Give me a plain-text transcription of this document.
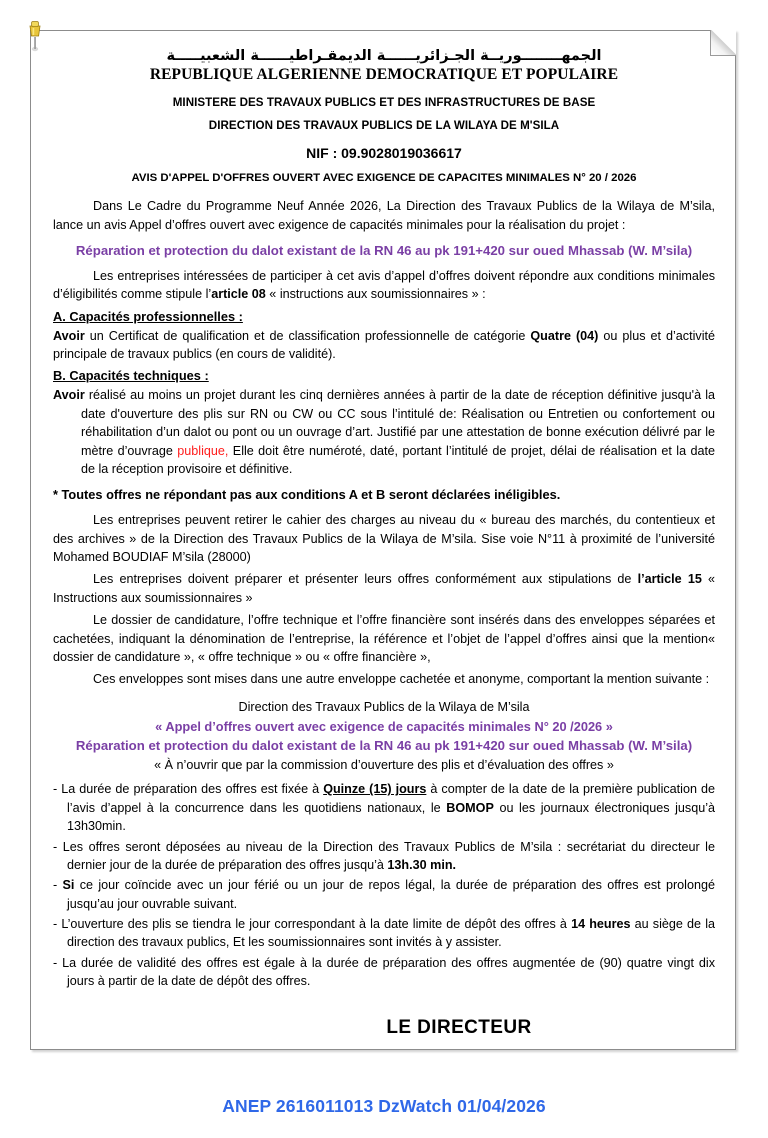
الجمهــــــــوريــة الجـزائريــــــة الديمقـراطيــــــة الشعبيـــــة
REPUBLIQUE ALGERIENNE DEMOCRATIQUE ET POPULAIRE
MINISTERE DES TRAVAUX PUBLICS ET DES INFRASTRUCTURES DE BASE
DIRECTION DES TRAVAUX PUBLICS DE LA WILAYA DE M'SILA
NIF : 09.9028019036617
AVIS D'APPEL D'OFFRES OUVERT AVEC EXIGENCE DE CAPACITES MINIMALES N° 20 / 2026

Dans Le Cadre du Programme Neuf Année 2026, La Direction des Travaux Publics de la Wilaya de M’sila, lance un avis Appel d’offres ouvert avec exigence de capacités minimales pour la réalisation du projet :

Réparation et protection du dalot existant de la RN 46 au pk 191+420 sur oued Mhassab (W. M’sila)

Les entreprises intéressées de participer à cet avis d’appel d’offres doivent répondre aux conditions minimales d’éligibilités comme stipule l’article 08 « instructions aux soumissionnaires » :

A. Capacités professionnelles :

Avoir un Certificat de qualification et de classification professionnelle de catégorie Quatre (04) ou plus et d’activité principale de travaux publics (en cours de validité).

B. Capacités techniques :

Avoir réalisé au moins un projet durant les cinq dernières années à partir de la date de réception définitive jusqu'à la date d'ouverture des plis sur RN ou CW ou CC sous l’intitulé de: Réalisation ou Entretien ou confortement ou réhabilitation d’un dalot ou pont ou un ouvrage d’art. Justifié par une attestation de bonne exécution délivré par le mètre d’ouvrage publique, Elle doit être numéroté, daté, portant l’intitulé de projet, délai de réalisation et la date de la réception provisoire et définitive.

* Toutes offres ne répondant pas aux conditions A et B seront déclarées inéligibles.

Les entreprises peuvent retirer le cahier des charges au niveau du « bureau des marchés, du contentieux et des archives » de la Direction des Travaux Publics de la Wilaya de M’sila. Sise voie N°11 à proximité de l’université Mohamed BOUDIAF M’sila (28000)

Les entreprises doivent préparer et présenter leurs offres conformément aux stipulations de l’article 15 « Instructions aux soumissionnaires »

Le dossier de candidature, l’offre technique et l’offre financière sont insérés dans des enveloppes séparées et cachetées, indiquant la dénomination de l’entreprise, la référence et l’objet de l’appel d’offres ainsi que la mention« dossier de candidature », « offre technique » ou « offre financière »,

Ces enveloppes sont mises dans une autre enveloppe cachetée et anonyme, comportant la mention suivante :

Direction des Travaux Publics de la Wilaya de M’sila

« Appel d’offres ouvert avec exigence de capacités minimales N° 20 /2026 »

Réparation et protection du dalot existant de la RN 46 au pk 191+420 sur oued Mhassab (W. M’sila)

« À n’ouvrir que par la commission d’ouverture des plis et d’évaluation des offres »

- La durée de préparation des offres est fixée à Quinze (15) jours à compter de la date de la première publication de l’avis d’appel à la concurrence dans les quotidiens nationaux, le BOMOP ou les journaux électroniques jusqu’à 13h30min.

- Les offres seront déposées au niveau de la Direction des Travaux Publics de M’sila : secrétariat du directeur le dernier jour de la durée de préparation des offres jusqu’à 13h.30 min.

- Si ce jour coïncide avec un jour férié ou un jour de repos légal, la durée de préparation des offres est prolongé jusqu’au jour ouvrable suivant.

- L’ouverture des plis se tiendra le jour correspondant à la date limite de dépôt des offres à 14 heures au siège de la direction des travaux publics, Et les soumissionnaires sont invités à y assister.

- La durée de validité des offres est égale à la durée de préparation des offres augmentée de (90) quatre vingt dix jours à partir de la date de dépôt des offres.

LE DIRECTEUR

ANEP 2616011013 DzWatch 01/04/2026
